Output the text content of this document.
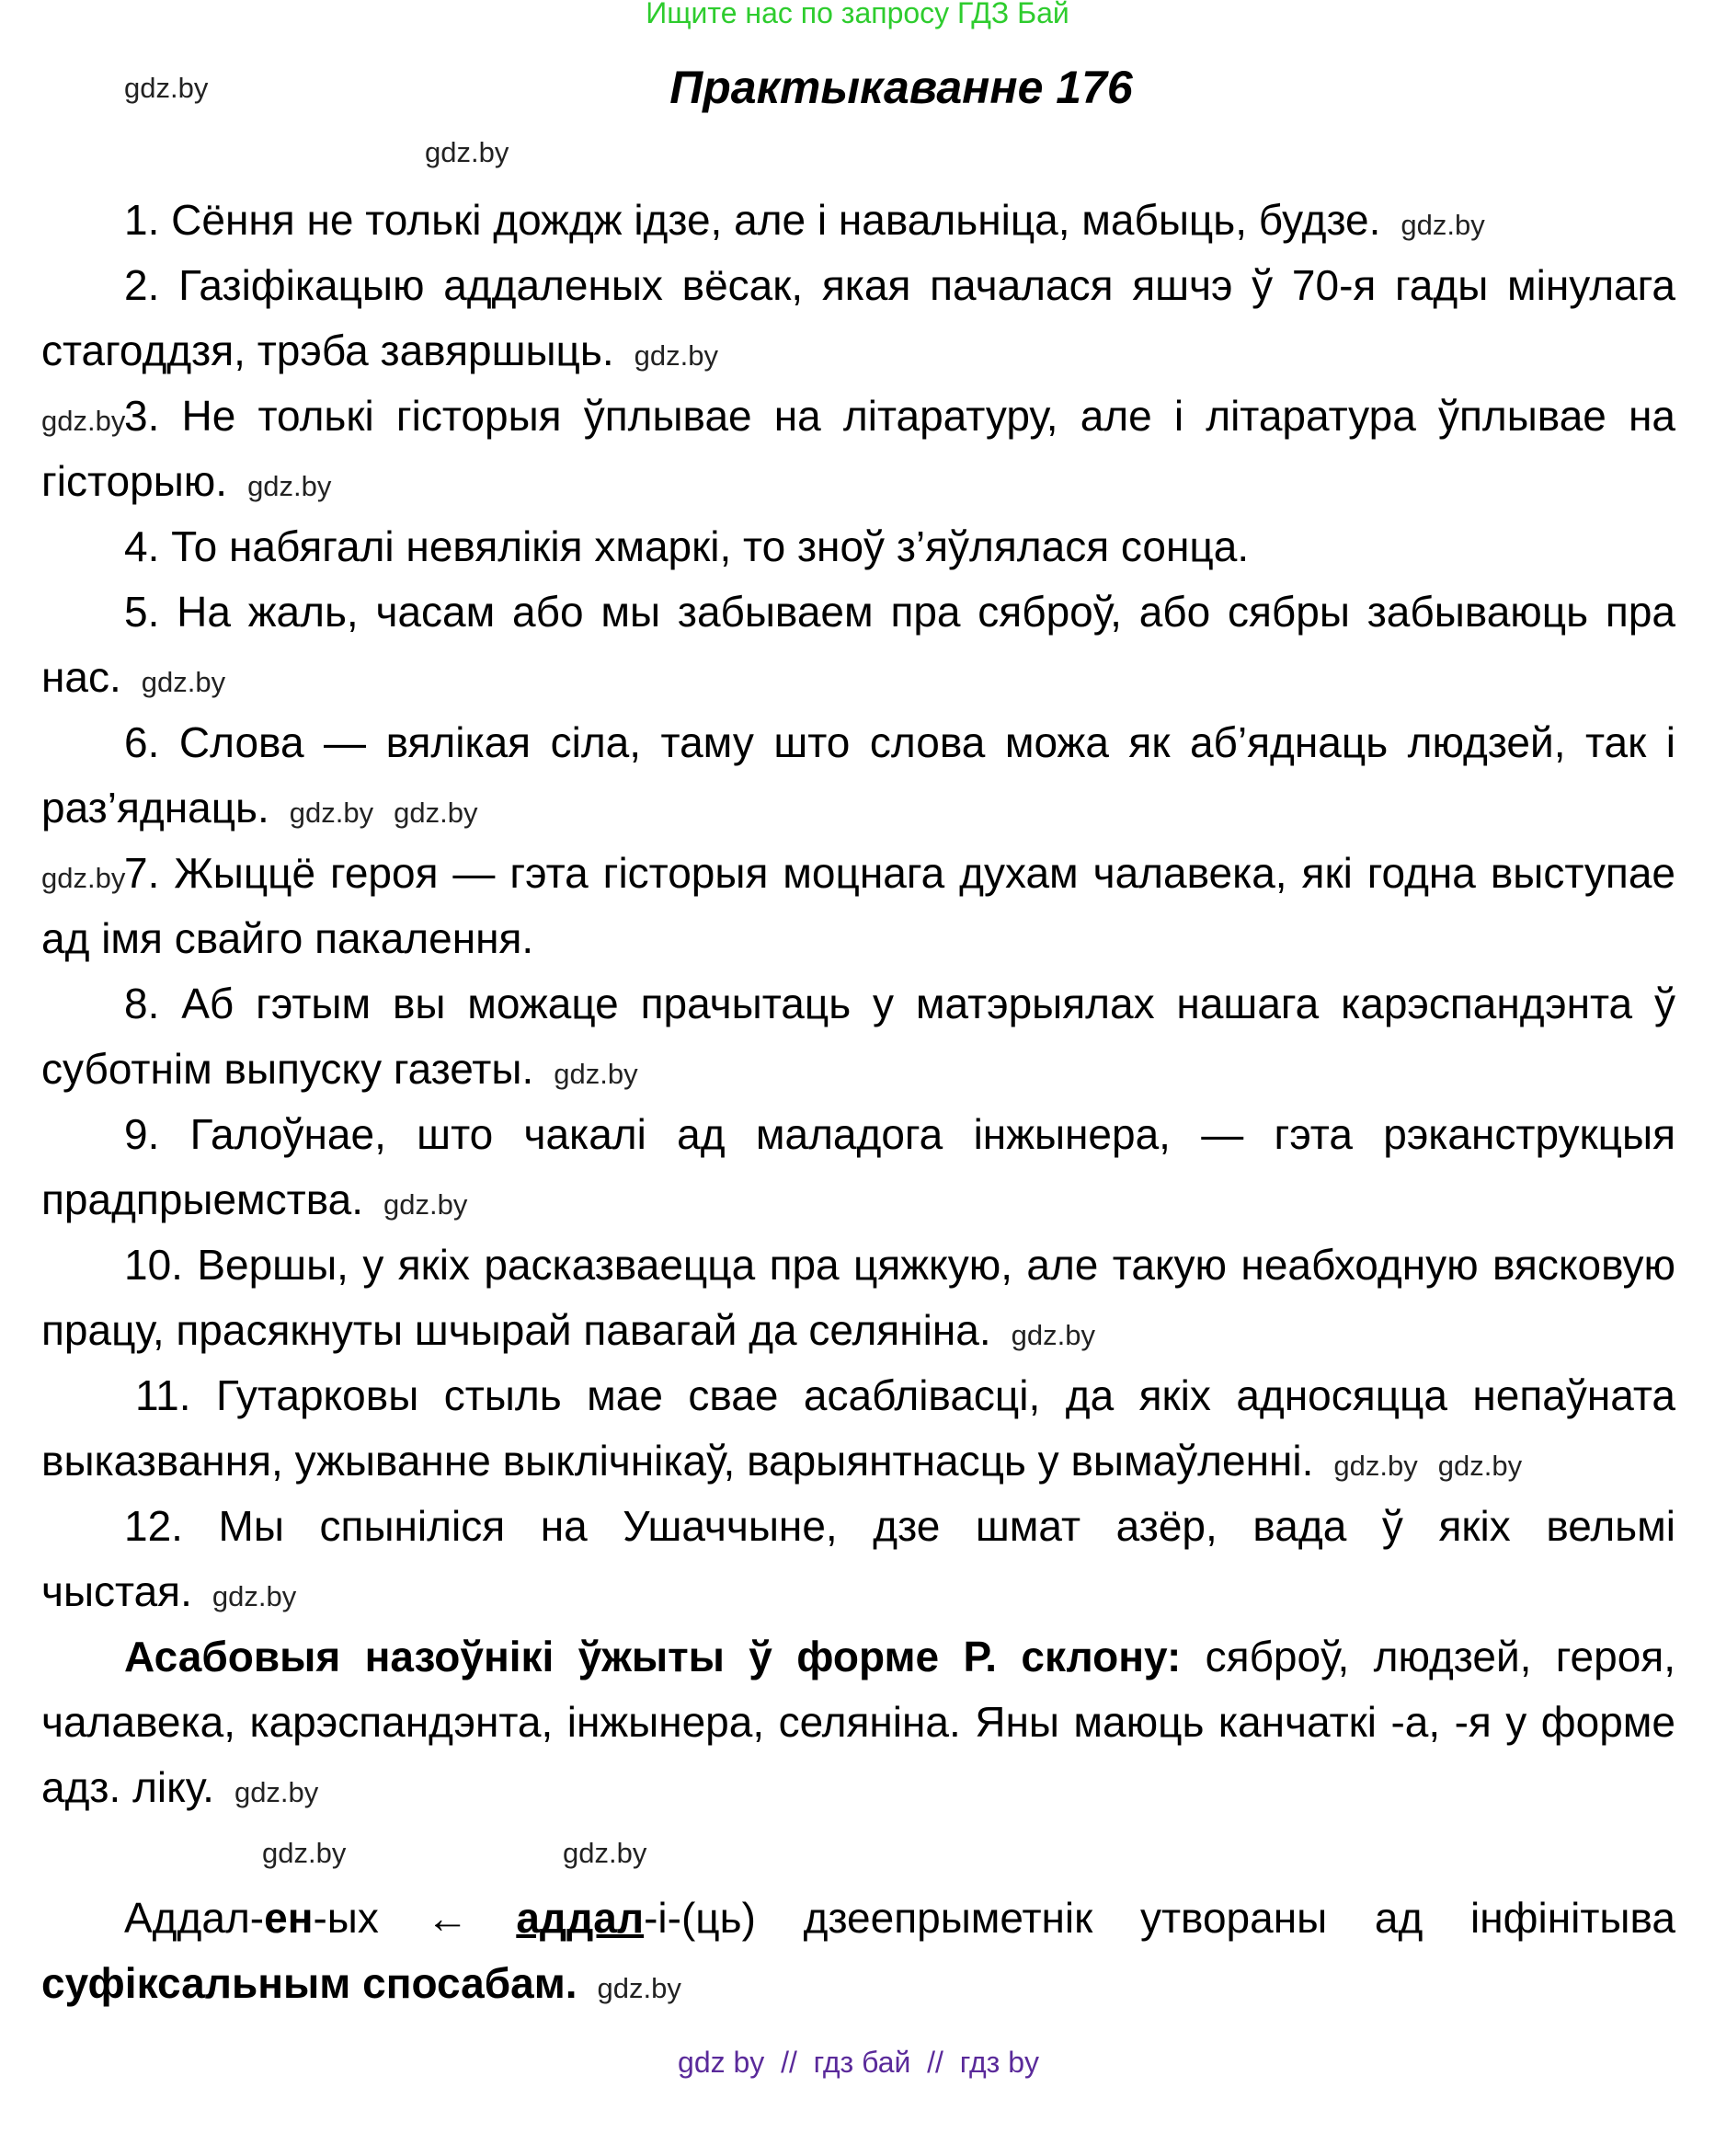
Ищите нас по запросу ГДЗ Бай
Практыкаванне 176
gdz.by
gdz.by

1. Сёння не толькі дождж ідзе, але і навальніца, мабыць, будзе. gdz.by

2. Газіфікацыю аддаленых вёсак, якая пачалася яшчэ ў 70-я гады мінулага стагоддзя, трэба завяршыць. gdz.by

gdz.by3. Не толькі гісторыя ўплывае на літаратуру, але і літаратура ўплывае на гісторыю. gdz.by

4. То набягалі невялікія хмаркі, то зноў з’яўлялася сонца.

5. На жаль, часам або мы забываем пра сяброў, або сябры забываюць пра нас. gdz.by

6. Слова — вялікая сіла, таму што слова можа як аб’яднаць людзей, так і раз’яднаць. gdz.by gdz.by

gdz.by7. Жыццё героя — гэта гісторыя моцнага духам чалавека, які годна выступае ад імя свайго пакалення.

8. Аб гэтым вы можаце прачытаць у матэрыялах нашага карэспандэнта ў суботнім выпуску газеты. gdz.by

9. Галоўнае, што чакалі ад маладога інжынера, — гэта рэканструкцыя прадпрыемства. gdz.by

10. Вершы, у якіх расказваецца пра цяжкую, але такую неабходную вясковую працу, прасякнуты шчырай павагай да селяніна. gdz.by

11. Гутарковы стыль мае свае асаблівасці, да якіх адносяцца непаўната выказвання, ужыванне выклічнікаў, варыянтнасць у вымаўленні. gdz.by gdz.by

12. Мы спыніліся на Ушаччыне, дзе шмат азёр, вада ў якіх вельмі чыстая. gdz.by

Асабовыя назоўнікі ўжыты ў форме Р. склону: сяброў, людзей, героя, чалавека, карэспандэнта, інжынера, селяніна. Яны маюць канчаткі -а, -я у форме адз. ліку. gdz.by

gdz.by	gdz.by

Аддал-ен-ых ← аддал-і-(ць) дзеепрыметнік утвораны ад інфінітыва суфіксальным спосабам. gdz.by

gdz by  //  гдз бай  //  гдз by
